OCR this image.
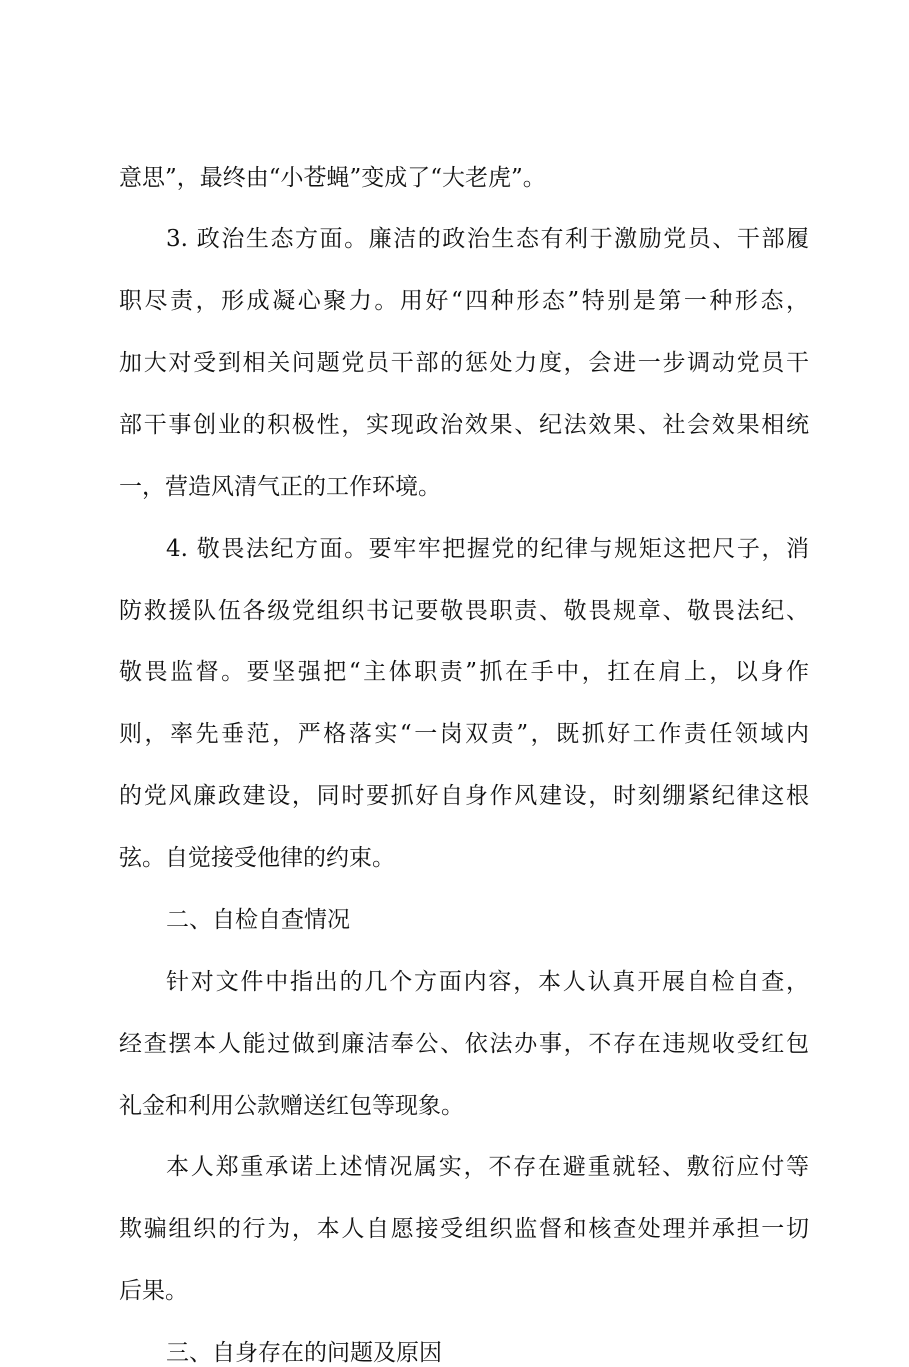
意思”，最终由“小苍蝇”变成了“大老虎”。
3. 政治生态方面。廉洁的政治生态有利于激励党员、干部履
职尽责，形成凝心聚力。用好“四种形态”特别是第一种形态，
加大对受到相关问题党员干部的惩处力度，会进一步调动党员干
部干事创业的积极性，实现政治效果、纪法效果、社会效果相统
一，营造风清气正的工作环境。
4. 敬畏法纪方面。要牢牢把握党的纪律与规矩这把尺子，消
防救援队伍各级党组织书记要敬畏职责、敬畏规章、敬畏法纪、
敬畏监督。要坚强把“主体职责”抓在手中，扛在肩上，以身作
则，率先垂范，严格落实“一岗双责”，既抓好工作责任领域内
的党风廉政建设，同时要抓好自身作风建设，时刻绷紧纪律这根
弦。自觉接受他律的约束。
二、自检自查情况
针对文件中指出的几个方面内容，本人认真开展自检自查，
经查摆本人能过做到廉洁奉公、依法办事，不存在违规收受红包
礼金和利用公款赠送红包等现象。
本人郑重承诺上述情况属实，不存在避重就轻、敷衍应付等
欺骗组织的行为，本人自愿接受组织监督和核查处理并承担一切
后果。
三、自身存在的问题及原因
